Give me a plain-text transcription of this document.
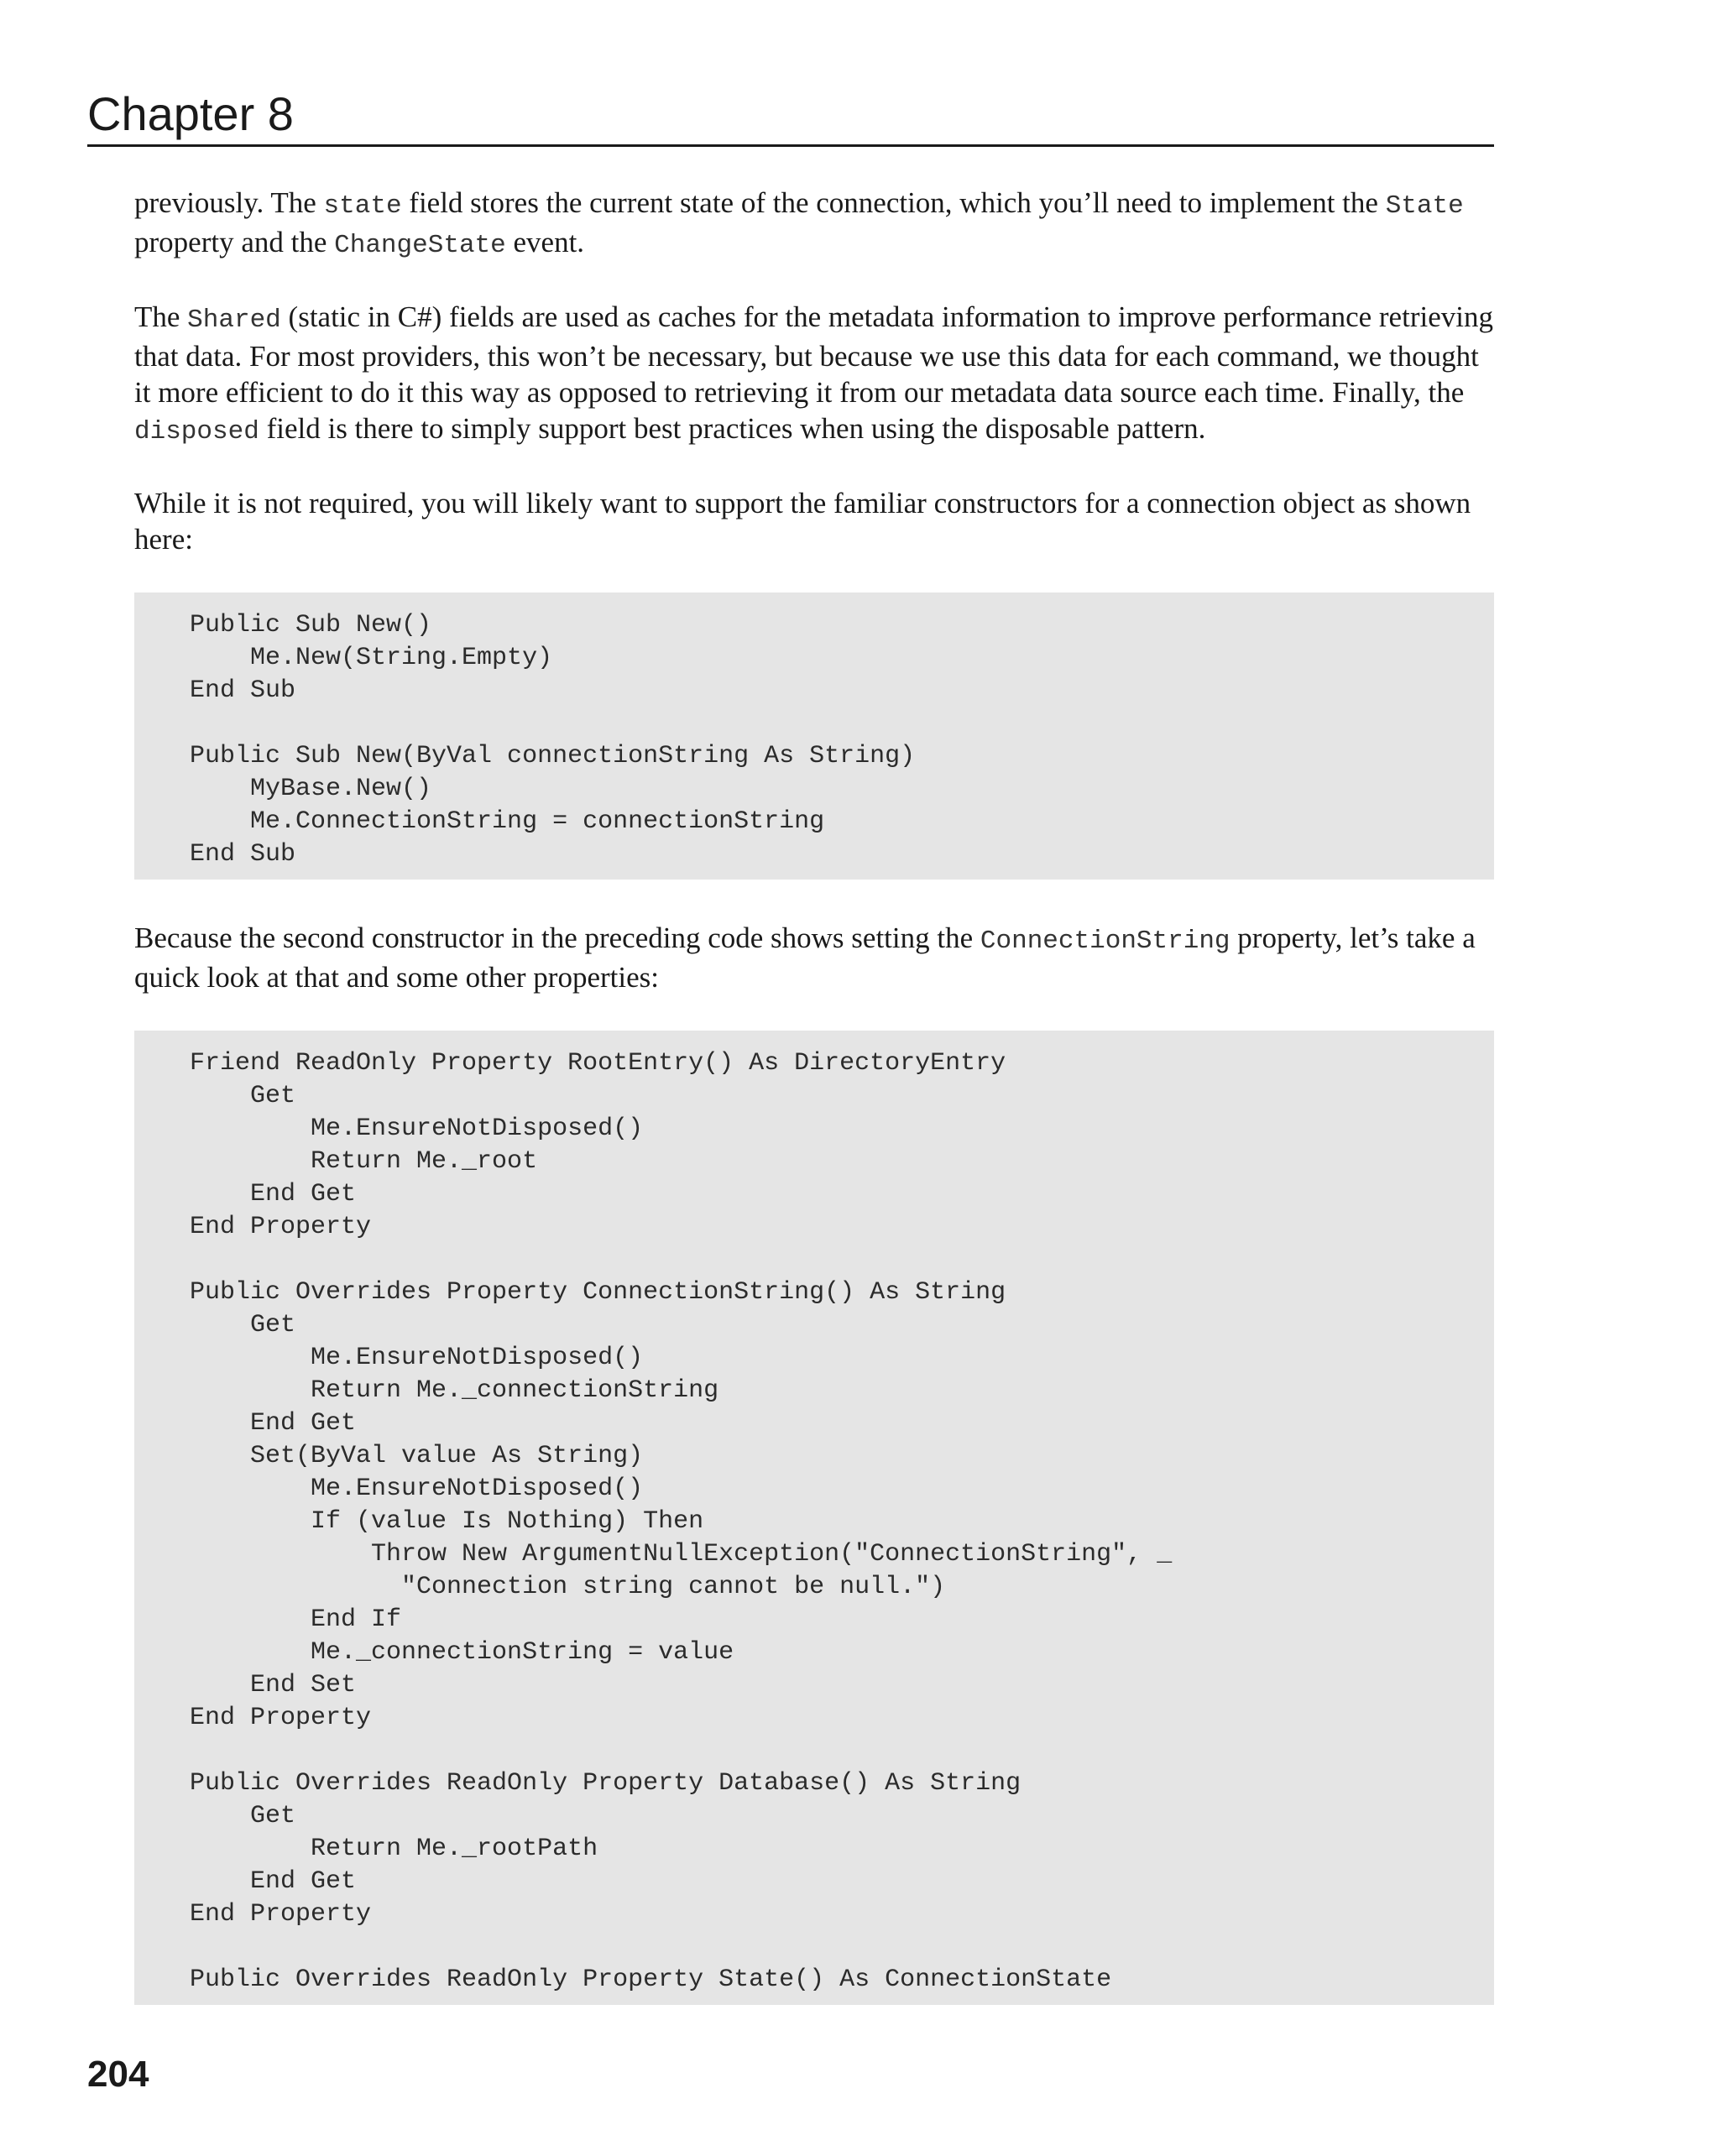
Chapter 8

previously. The state field stores the current state of the connection, which you’ll need to implement the State property and the ChangeState event.

The Shared (static in C#) fields are used as caches for the metadata information to improve performance retrieving that data. For most providers, this won’t be necessary, but because we use this data for each command, we thought it more efficient to do it this way as opposed to retrieving it from our metadata data source each time. Finally, the disposed field is there to simply support best practices when using the disposable pattern.

While it is not required, you will likely want to support the familiar constructors for a connection object as shown here:

Public Sub New()
Me.New(String.Empty)
End Sub
Public Sub New(ByVal connectionString As String)
MyBase.New()
Me.ConnectionString = connectionString
End Sub

Because the second constructor in the preceding code shows setting the ConnectionString property, let’s take a quick look at that and some other properties:

Friend ReadOnly Property RootEntry() As DirectoryEntry
Get
Me.EnsureNotDisposed()
Return Me._root
End Get
End Property
Public Overrides Property ConnectionString() As String
Get
Me.EnsureNotDisposed()
Return Me._connectionString
End Get
Set(ByVal value As String)
Me.EnsureNotDisposed()
If (value Is Nothing) Then
Throw New ArgumentNullException("ConnectionString", _
"Connection string cannot be null.")
End If
Me._connectionString = value
End Set
End Property
Public Overrides ReadOnly Property Database() As String
Get
Return Me._rootPath
End Get
End Property
Public Overrides ReadOnly Property State() As ConnectionState
204
